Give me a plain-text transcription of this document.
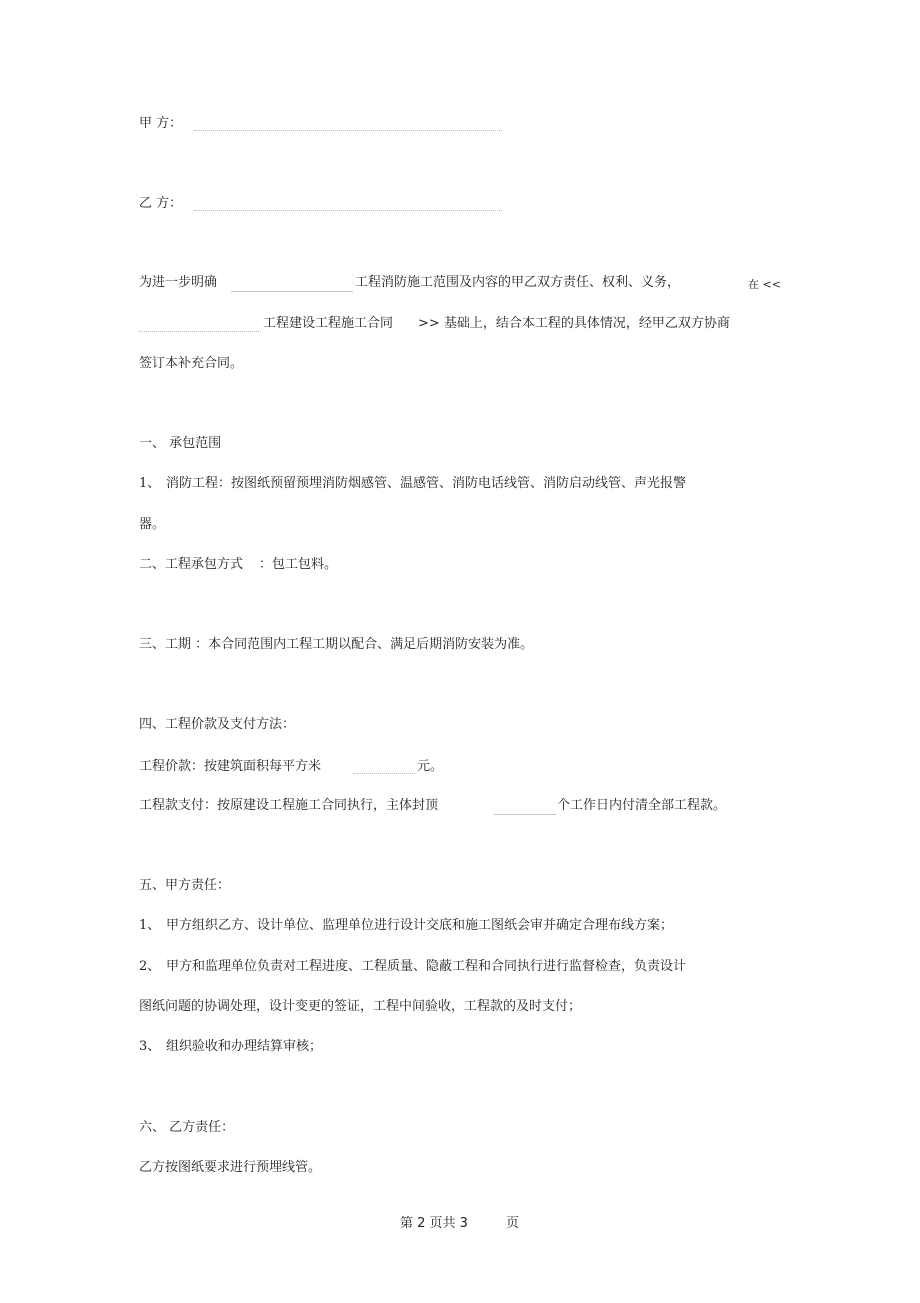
甲 方：
乙 方：
为进一步明确	工程消防施工范围及内容的甲乙双方责任、权利、义务，	在 <<
工程建设工程施工合同 >> 基础上，结合本工程的具体情况，经甲乙双方协商
签订本补充合同。
一、 承包范围
1、 消防工程：按图纸预留预埋消防烟感管、温感管、消防电话线管、消防启动线管、声光报警
器。
二、工程承包方式 ：包工包料。
三、工期 ：本合同范围内工程工期以配合、满足后期消防安装为准。
四、工程价款及支付方法：
工程价款：按建筑面积每平方米	元。
工程款支付：按原建设工程施工合同执行，主体封顶	个工作日内付清全部工程款。
五、甲方责任：
1、 甲方组织乙方、设计单位、监理单位进行设计交底和施工图纸会审并确定合理布线方案；
2、 甲方和监理单位负责对工程进度、工程质量、隐蔽工程和合同执行进行监督检查，负责设计
图纸问题的协调处理，设计变更的签证，工程中间验收，工程款的及时支付；
3、 组织验收和办理结算审核；
六、 乙方责任：
乙方按图纸要求进行预埋线管。
第 2 页共 3	页
